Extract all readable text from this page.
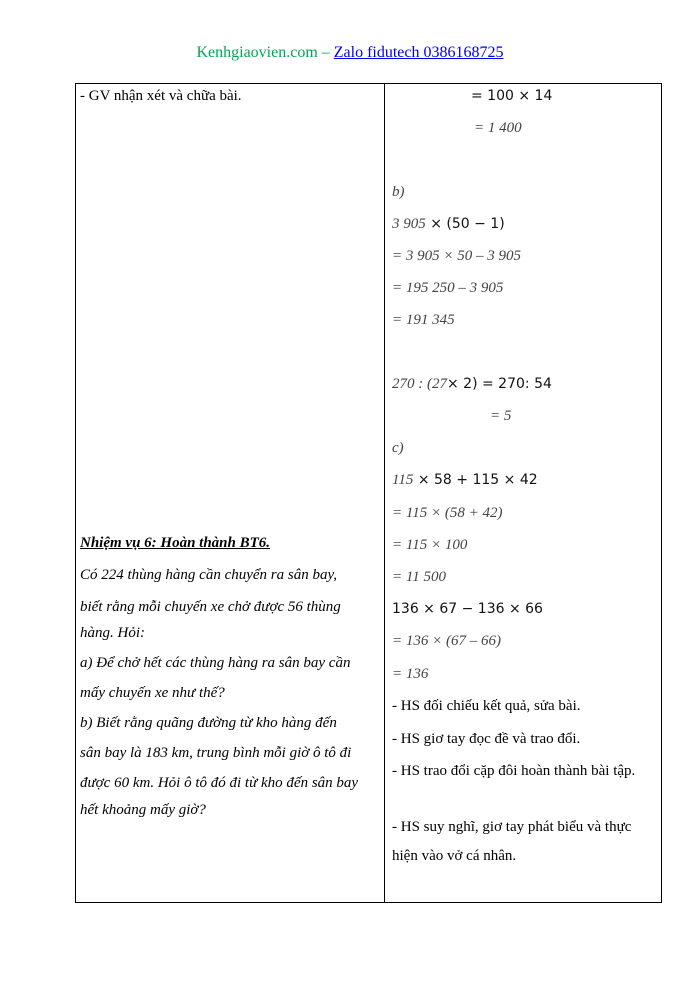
Kenhgiaovien.com – Zalo fidutech 0386168725
- GV nhận xét và chữa bài.
Nhiệm vụ 6: Hoàn thành BT6.
Có 224 thùng hàng cần chuyển ra sân bay,
biết rằng mỗi chuyến xe chở được 56 thùng
hàng. Hỏi:
a) Để chở hết các thùng hàng ra sân bay cần
mấy chuyến xe như thế?
b) Biết rằng quãng đường từ kho hàng đến
sân bay là 183 km, trung bình mỗi giờ ô tô đi
được 60 km. Hỏi ô tô đó đi từ kho đến sân bay
hết khoảng mấy giờ?
= 100 × 14
= 1 400
b)
3 905 × (50 − 1)
= 3 905 × 50 – 3 905
= 195 250 – 3 905
= 191 345
270 : (27× 2) = 270: 54
= 5
c)
115 × 58 + 115 × 42
= 115 × (58 + 42)
= 115 × 100
= 11 500
136 × 67 − 136 × 66
= 136 × (67 – 66)
= 136
- HS đối chiếu kết quả, sửa bài.
- HS giơ tay đọc đề và trao đổi.
- HS trao đổi cặp đôi hoàn thành bài tập.
- HS suy nghĩ, giơ tay phát biểu và thực
hiện vào vở cá nhân.
